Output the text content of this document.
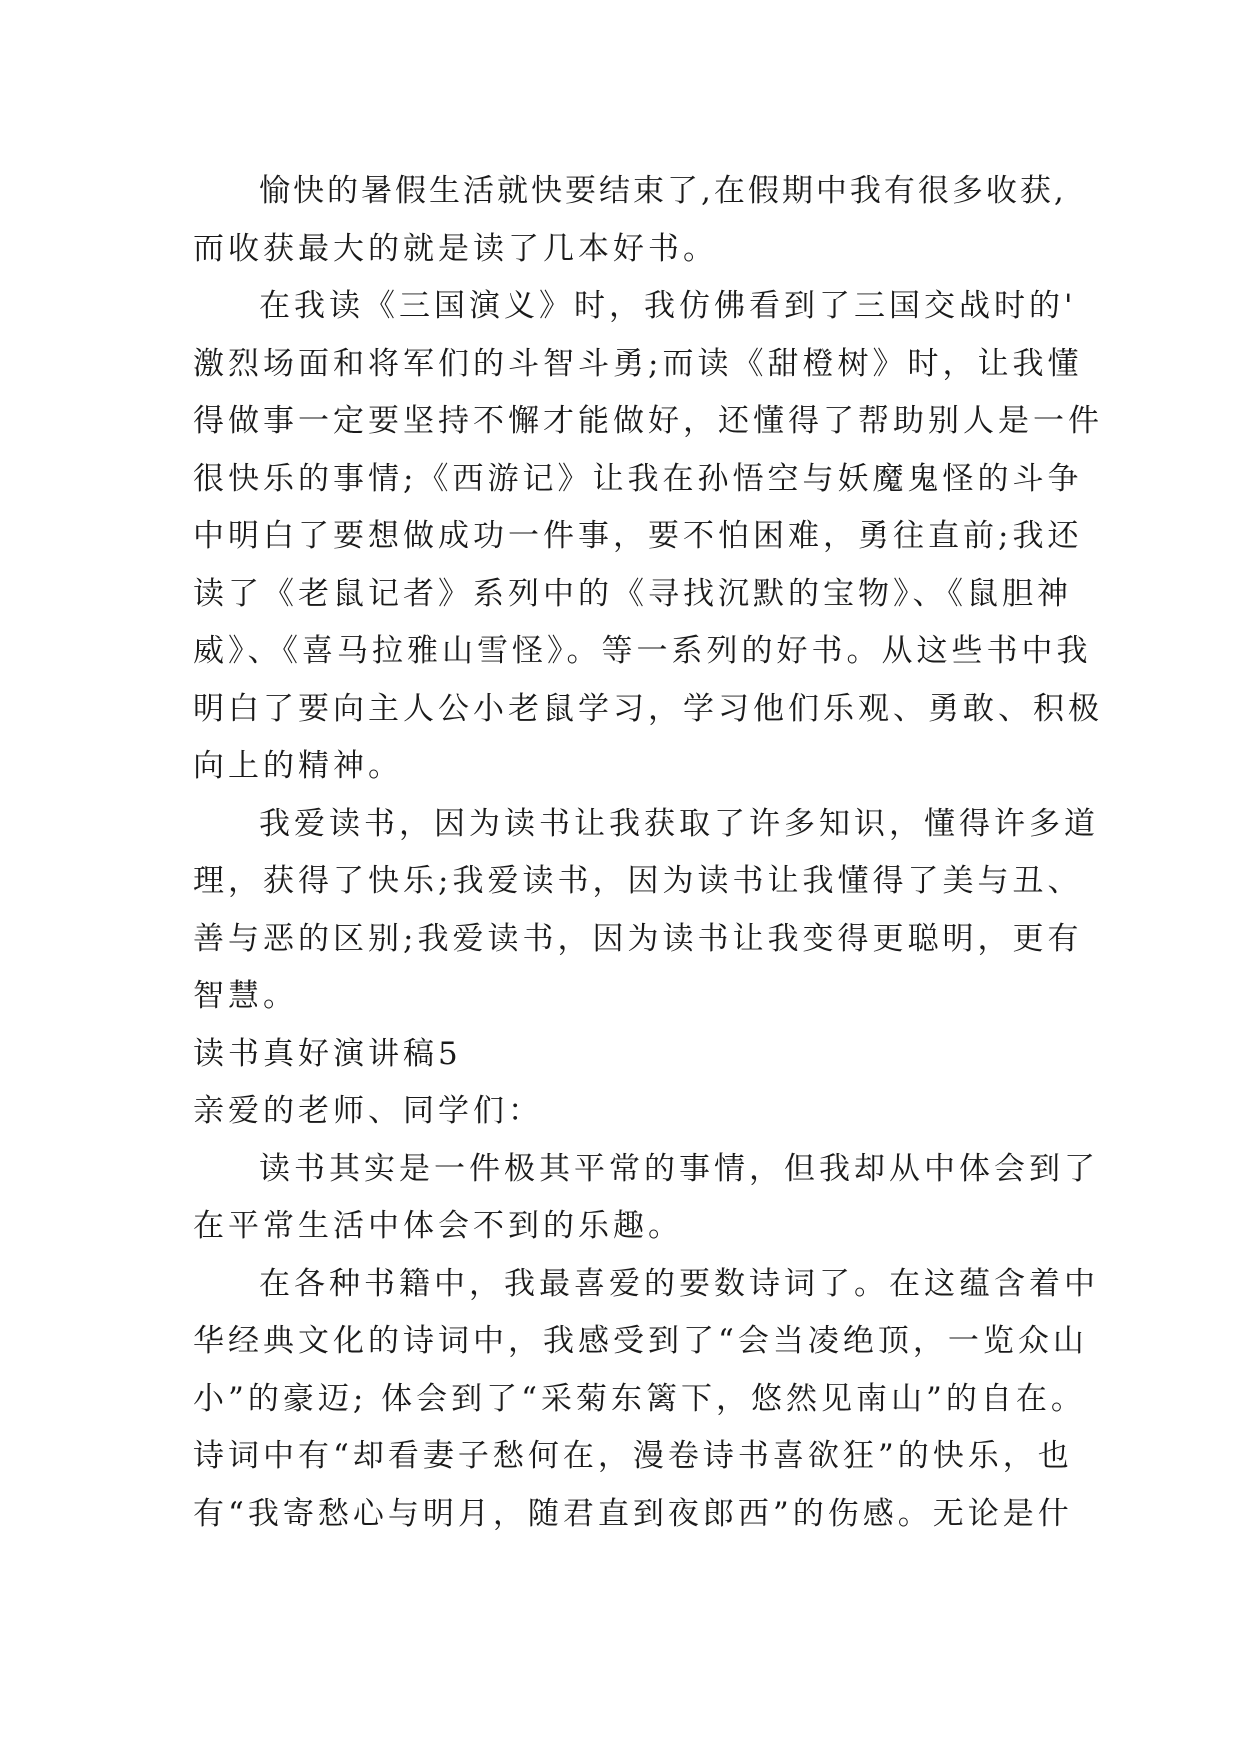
愉快的暑假生活就快要结束了,在假期中我有很多收获,
而收获最大的就是读了几本好书。
在我读《三国演义》时，我仿佛看到了三国交战时的'
激烈场面和将军们的斗智斗勇;而读《甜橙树》时，让我懂
得做事一定要坚持不懈才能做好，还懂得了帮助别人是一件
很快乐的事情;《西游记》让我在孙悟空与妖魔鬼怪的斗争
中明白了要想做成功一件事，要不怕困难，勇往直前;我还
读了《老鼠记者》系列中的《寻找沉默的宝物》、《鼠胆神
威》、《喜马拉雅山雪怪》。等一系列的好书。从这些书中我
明白了要向主人公小老鼠学习，学习他们乐观、勇敢、积极
向上的精神。
我爱读书，因为读书让我获取了许多知识，懂得许多道
理，获得了快乐;我爱读书，因为读书让我懂得了美与丑、
善与恶的区别;我爱读书，因为读书让我变得更聪明，更有
智慧。
读书真好演讲稿5
亲爱的老师、同学们：
读书其实是一件极其平常的事情，但我却从中体会到了
在平常生活中体会不到的乐趣。
在各种书籍中，我最喜爱的要数诗词了。在这蕴含着中
华经典文化的诗词中，我感受到了“会当凌绝顶，一览众山
小”的豪迈; 体会到了“采菊东篱下，悠然见南山”的自在。
诗词中有“却看妻子愁何在，漫卷诗书喜欲狂”的快乐，也
有“我寄愁心与明月，随君直到夜郎西”的伤感。无论是什
